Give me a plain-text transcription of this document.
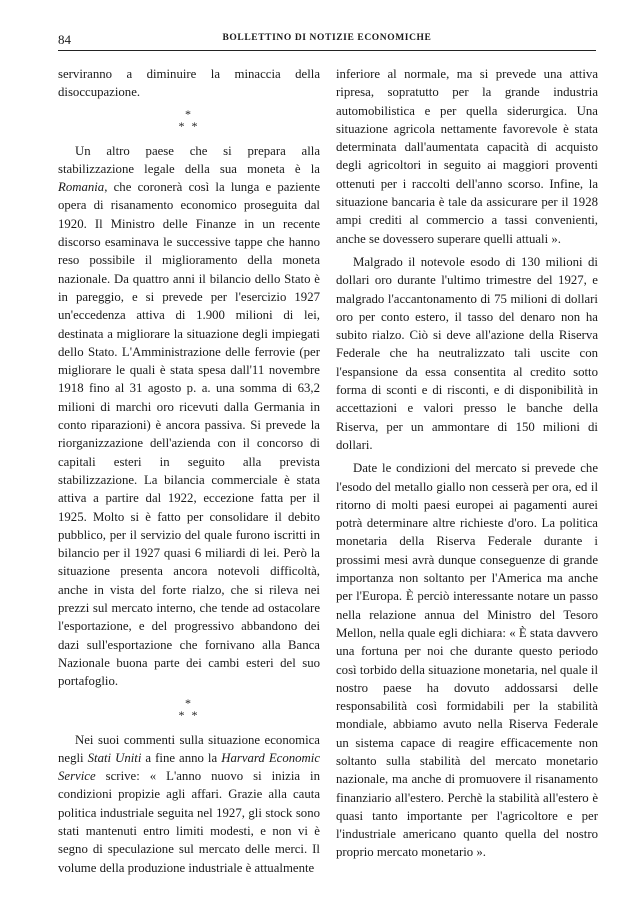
84	BOLLETTINO DI NOTIZIE ECONOMICHE

serviranno a diminuire la minaccia della disoccupazione.

*
* *

Un altro paese che si prepara alla stabilizzazione legale della sua moneta è la Romania, che coronerà così la lunga e paziente opera di risanamento economico proseguita dal 1920. Il Ministro delle Finanze in un recente discorso esaminava le successive tappe che hanno reso possibile il miglioramento della moneta nazionale. Da quattro anni il bilancio dello Stato è in pareggio, e si prevede per l'esercizio 1927 un'eccedenza attiva di 1.900 milioni di lei, destinata a migliorare la situazione degli impiegati dello Stato. L'Amministrazione delle ferrovie (per migliorare le quali è stata spesa dall'11 novembre 1918 fino al 31 agosto p. a. una somma di 63,2 milioni di marchi oro ricevuti dalla Germania in conto riparazioni) è ancora passiva. Si prevede la riorganizzazione dell'azienda con il concorso di capitali esteri in seguito alla prevista stabilizzazione. La bilancia commerciale è stata attiva a partire dal 1922, eccezione fatta per il 1925. Molto si è fatto per consolidare il debito pubblico, per il servizio del quale furono iscritti in bilancio per il 1927 quasi 6 miliardi di lei. Però la situazione presenta ancora notevoli difficoltà, anche in vista del forte rialzo, che si rileva nei prezzi sul mercato interno, che tende ad ostacolare l'esportazione, e del progressivo abbandono dei dazi sull'esportazione che fornivano alla Banca Nazionale buona parte dei cambi esteri del suo portafoglio.

*
* *

Nei suoi commenti sulla situazione economica negli Stati Uniti a fine anno la Harvard Economic Service scrive: « L'anno nuovo si inizia in condizioni propizie agli affari. Grazie alla cauta politica industriale seguita nel 1927, gli stock sono stati mantenuti entro limiti modesti, e non vi è segno di speculazione sul mercato delle merci. Il volume della produzione industriale è attualmente

inferiore al normale, ma si prevede una attiva ripresa, sopratutto per la grande industria automobilistica e per quella siderurgica. Una situazione agricola nettamente favorevole è stata determinata dall'aumentata capacità di acquisto degli agricoltori in seguito ai maggiori proventi ottenuti per i raccolti dell'anno scorso. Infine, la situazione bancaria è tale da assicurare per il 1928 ampi crediti al commercio a tassi convenienti, anche se dovessero superare quelli attuali ».

Malgrado il notevole esodo di 130 milioni di dollari oro durante l'ultimo trimestre del 1927, e malgrado l'accantonamento di 75 milioni di dollari oro per conto estero, il tasso del denaro non ha subito rialzo. Ciò si deve all'azione della Riserva Federale che ha neutralizzato tali uscite con l'espansione da essa consentita al credito sotto forma di sconti e di risconti, e di disponibilità in accettazioni e valori presso le banche della Riserva, per un ammontare di 150 milioni di dollari.

Date le condizioni del mercato si prevede che l'esodo del metallo giallo non cesserà per ora, ed il ritorno di molti paesi europei ai pagamenti aurei potrà determinare altre richieste d'oro. La politica monetaria della Riserva Federale durante i prossimi mesi avrà dunque conseguenze di grande importanza non soltanto per l'America ma anche per l'Europa. È perciò interessante notare un passo nella relazione annua del Ministro del Tesoro Mellon, nella quale egli dichiara: « È stata davvero una fortuna per noi che durante questo periodo così torbido della situazione monetaria, nel quale il nostro paese ha dovuto addossarsi delle responsabilità così formidabili per la stabilità mondiale, abbiamo avuto nella Riserva Federale un sistema capace di reagire efficacemente non soltanto sulla stabilità del mercato monetario nazionale, ma anche di promuovere il risanamento finanziario all'estero. Perchè la stabilità all'estero è quasi tanto importante per l'agricoltore e per l'industriale americano quanto quella del nostro proprio mercato monetario ».
